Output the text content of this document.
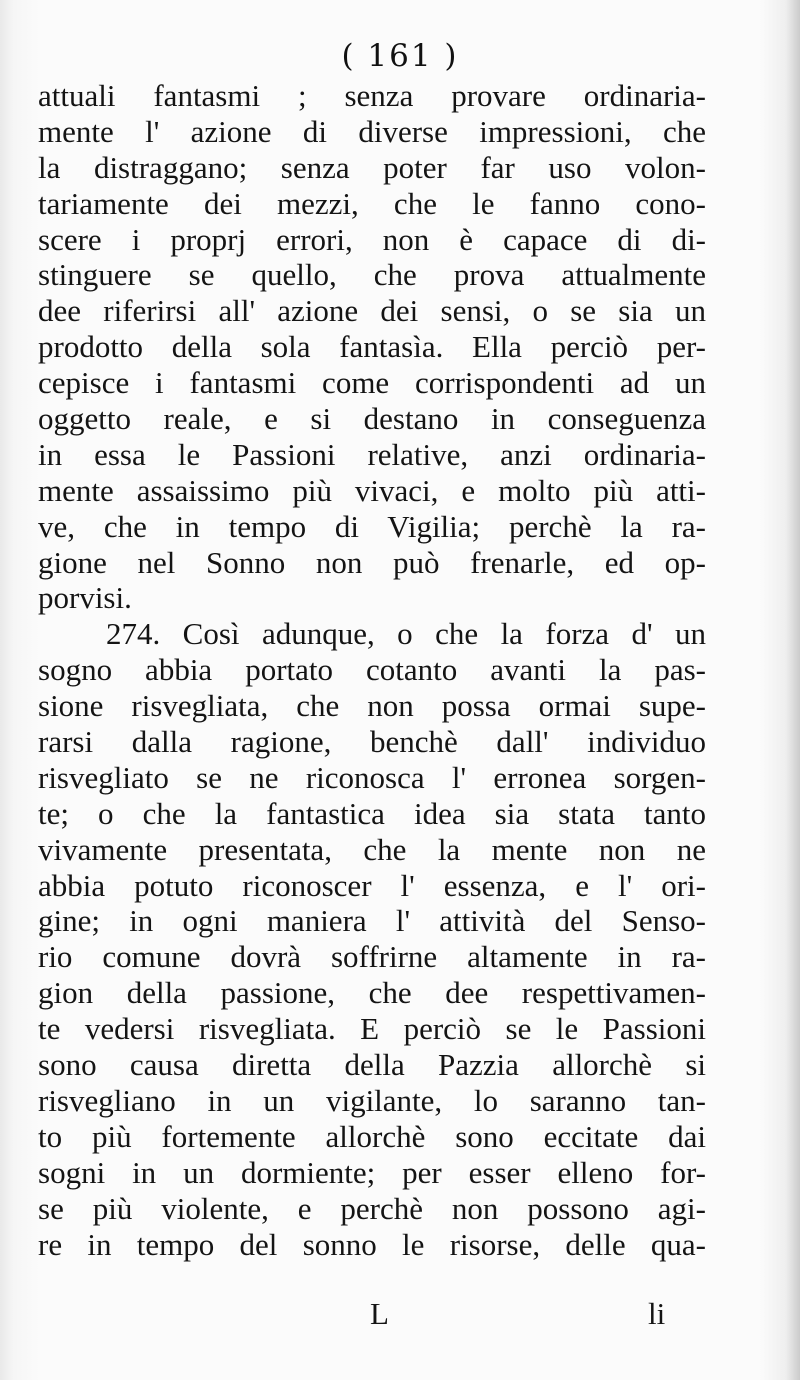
( 161 )
attuali fantasmi ; senza provare ordinaria-
mente l' azione di diverse impressioni, che
la distraggano; senza poter far uso volon-
tariamente dei mezzi, che le fanno cono-
scere i proprj errori, non è capace di di-
stinguere se quello, che prova attualmente
dee riferirsi all' azione dei sensi, o se sia un
prodotto della sola fantasìa. Ella perciò per-
cepisce i fantasmi come corrispondenti ad un
oggetto reale, e si destano in conseguenza
in essa le Passioni relative, anzi ordinaria-
mente assaissimo più vivaci, e molto più atti-
ve, che in tempo di Vigilia; perchè la ra-
gione nel Sonno non può frenarle, ed op-
porvisi.
274. Così adunque, o che la forza d' un
sogno abbia portato cotanto avanti la pas-
sione risvegliata, che non possa ormai supe-
rarsi dalla ragione, benchè dall' individuo
risvegliato se ne riconosca l' erronea sorgen-
te; o che la fantastica idea sia stata tanto
vivamente presentata, che la mente non ne
abbia potuto riconoscer l' essenza, e l' ori-
gine; in ogni maniera l' attività del Senso-
rio comune dovrà soffrirne altamente in ra-
gion della passione, che dee respettivamen-
te vedersi risvegliata. E perciò se le Passioni
sono causa diretta della Pazzia allorchè si
risvegliano in un vigilante, lo saranno tan-
to più fortemente allorchè sono eccitate dai
sogni in un dormiente; per esser elleno for-
se più violente, e perchè non possono agi-
re in tempo del sonno le risorse, delle qua-
L	li
